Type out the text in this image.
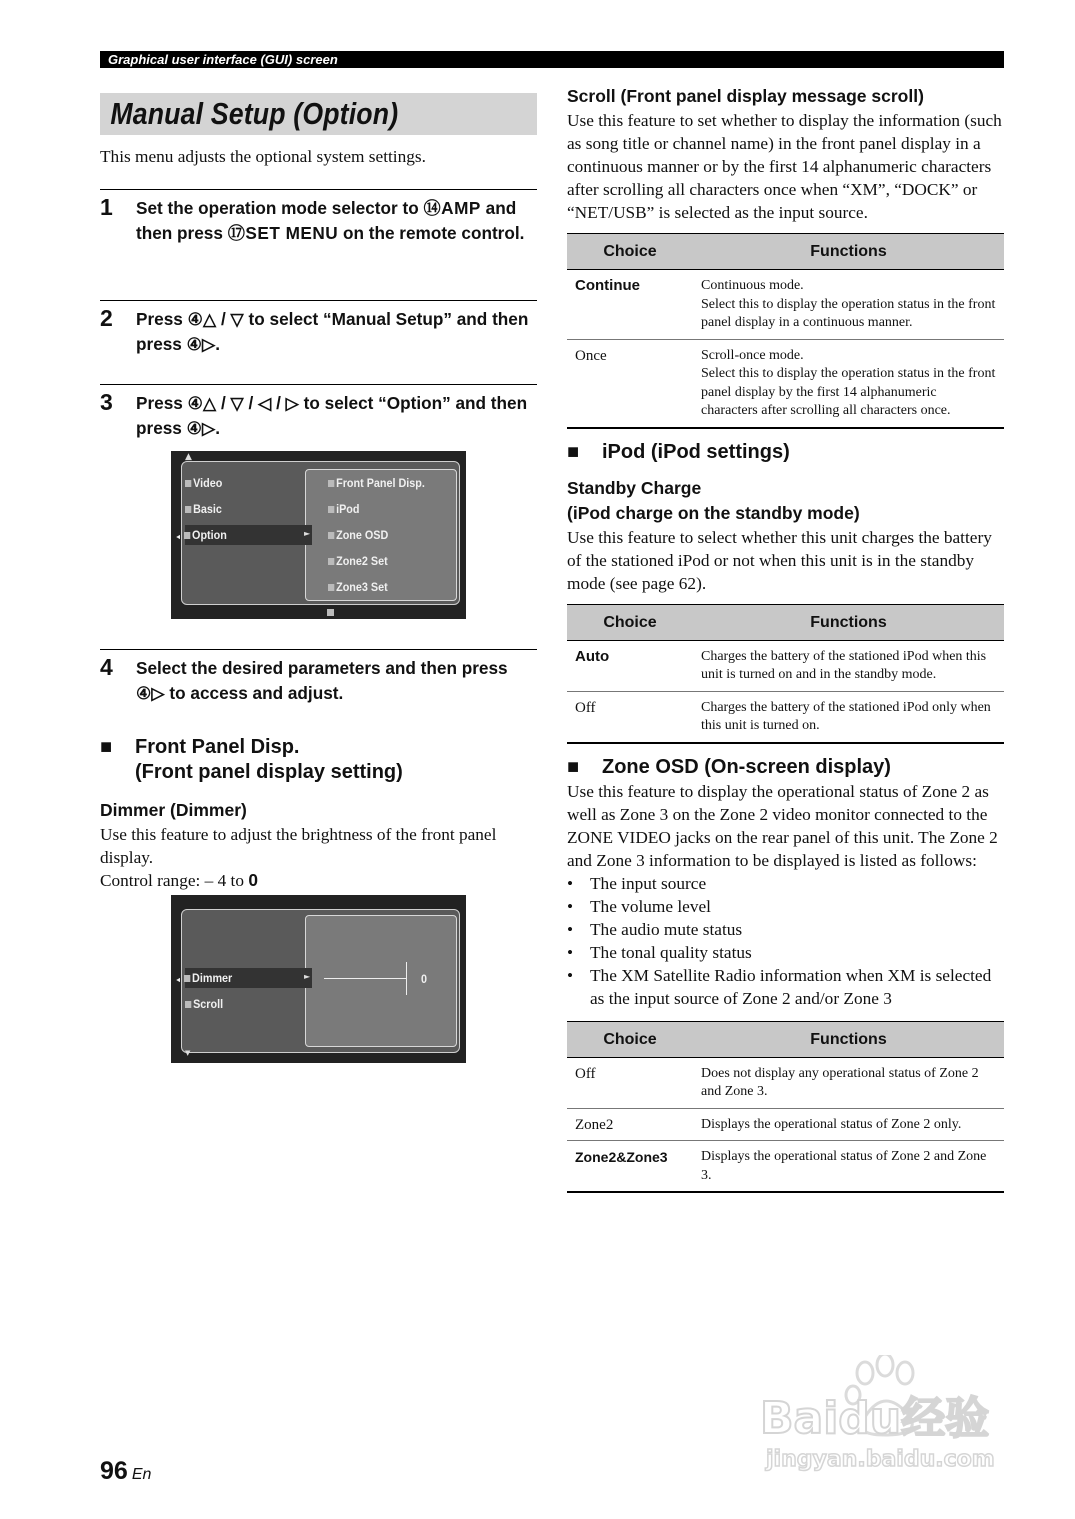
Graphical user interface (GUI) screen
Manual Setup (Option)

This menu adjusts the optional system settings.

1 Set the operation mode selector to ⑭AMP and then press ⑰SET MENU on the remote control.
2 Press ④△ / ▽ to select “Manual Setup” and then press ④▷.
3 Press ④△ / ▽ / ◁ / ▷ to select “Option” and then press ④▷.
▲
Video
Basic
◄ Option	►
Front Panel Disp.
iPod
Zone OSD
Zone2 Set
Zone3 Set
4 Select the desired parameters and then press ④▷ to access and adjust.
■ Front Panel Disp.
(Front panel display setting)
Dimmer (Dimmer)

Use this feature to adjust the brightness of the front panel display.

Control range: – 4 to 0

◄ Dimmer	►
Scroll
0
▼
Scroll (Front panel display message scroll)

Use this feature to set whether to display the information (such as song title or channel name) in the front panel display in a continuous manner or by the first 14 alphanumeric characters after scrolling all characters once when “XM”, “DOCK” or “NET/USB” is selected as the input source.

Choice	Functions
Continue	Continuous mode.
Select this to display the operation status in the front panel display in a continuous manner.
Once	Scroll-once mode.
Select this to display the operation status in the front panel display by the first 14 alphanumeric characters after scrolling all characters once.
■ iPod (iPod settings)
Standby Charge
(iPod charge on the standby mode)

Use this feature to select whether this unit charges the battery of the stationed iPod or not when this unit is in the standby mode (see page 62).

Choice	Functions
Auto	Charges the battery of the stationed iPod when this unit is turned on and in the standby mode.
Off	Charges the battery of the stationed iPod only when this unit is turned on.
■ Zone OSD (On-screen display)

Use this feature to display the operational status of Zone 2 as well as Zone 3 on the Zone 2 video monitor connected to the ZONE VIDEO jacks on the rear panel of this unit. The Zone 2 and Zone 3 information to be displayed is listed as follows:

• The input source
• The volume level
• The audio mute status
• The tonal quality status
• The XM Satellite Radio information when XM is selected as the input source of Zone 2 and/or Zone 3
Choice	Functions
Off	Does not display any operational status of Zone 2 and Zone 3.
Zone2	Displays the operational status of Zone 2 only.
Zone2&Zone3	Displays the operational status of Zone 2 and Zone 3.
96 En
Baidu经验
jingyan.baidu.com
